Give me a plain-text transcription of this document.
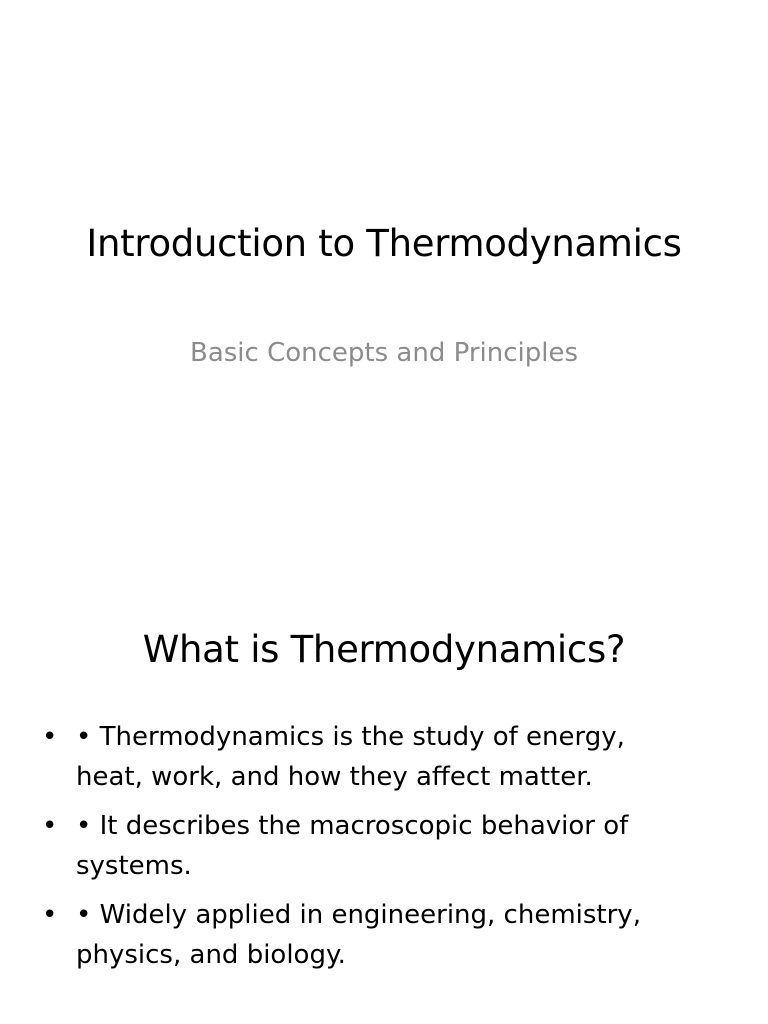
Introduction to Thermodynamics
Basic Concepts and Principles
What is Thermodynamics?
• • Thermodynamics is the study of energy, heat, work, and how they affect matter.
• • It describes the macroscopic behavior of systems.
• • Widely applied in engineering, chemistry, physics, and biology.
